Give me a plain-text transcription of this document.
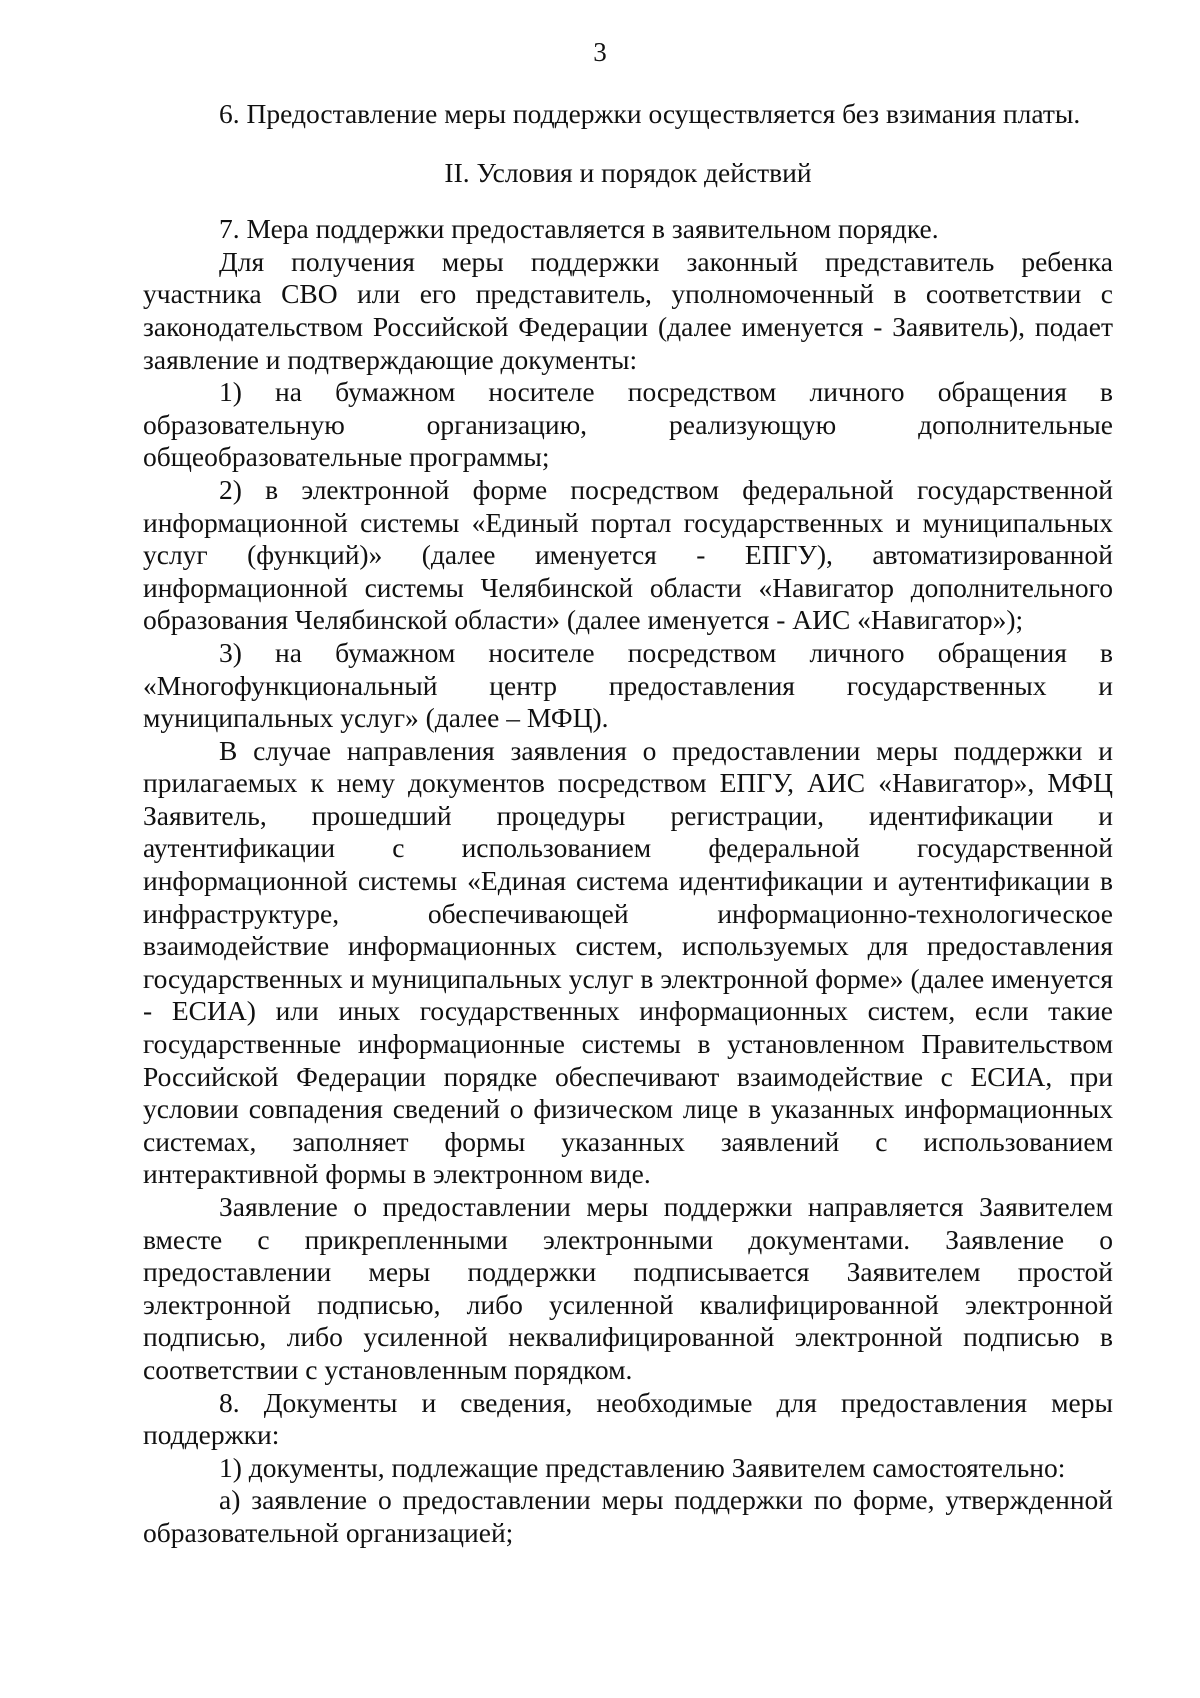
3

6. Предоставление меры поддержки осуществляется без взимания платы.

II. Условия и порядок действий

7. Мера поддержки предоставляется в заявительном порядке.

Для получения меры поддержки законный представитель ребенка участника СВО или его представитель, уполномоченный в соответствии с законодательством Российской Федерации (далее именуется - Заявитель), подает заявление и подтверждающие документы:

1) на бумажном носителе посредством личного обращения в образовательную организацию, реализующую дополнительные общеобразовательные программы;

2) в электронной форме посредством федеральной государственной информационной системы «Единый портал государственных и муниципальных услуг (функций)» (далее именуется - ЕПГУ), автоматизированной информационной системы Челябинской области «Навигатор дополнительного образования Челябинской области» (далее именуется - АИС «Навигатор»);

3) на бумажном носителе посредством личного обращения в «Многофункциональный центр предоставления государственных и муниципальных услуг» (далее – МФЦ).

В случае направления заявления о предоставлении меры поддержки и прилагаемых к нему документов посредством ЕПГУ, АИС «Навигатор», МФЦ Заявитель, прошедший процедуры регистрации, идентификации и аутентификации с использованием федеральной государственной информационной системы «Единая система идентификации и аутентификации в инфраструктуре, обеспечивающей информационно-технологическое взаимодействие информационных систем, используемых для предоставления государственных и муниципальных услуг в электронной форме» (далее именуется - ЕСИА) или иных государственных информационных систем, если такие государственные информационные системы в установленном Правительством Российской Федерации порядке обеспечивают взаимодействие с ЕСИА, при условии совпадения сведений о физическом лице в указанных информационных системах, заполняет формы указанных заявлений с использованием интерактивной формы в электронном виде.

Заявление о предоставлении меры поддержки направляется Заявителем вместе с прикрепленными электронными документами. Заявление о предоставлении меры поддержки подписывается Заявителем простой электронной подписью, либо усиленной квалифицированной электронной подписью, либо усиленной неквалифицированной электронной подписью в соответствии с установленным порядком.

8. Документы и сведения, необходимые для предоставления меры поддержки:

1) документы, подлежащие представлению Заявителем самостоятельно:

а) заявление о предоставлении меры поддержки по форме, утвержденной образовательной организацией;
